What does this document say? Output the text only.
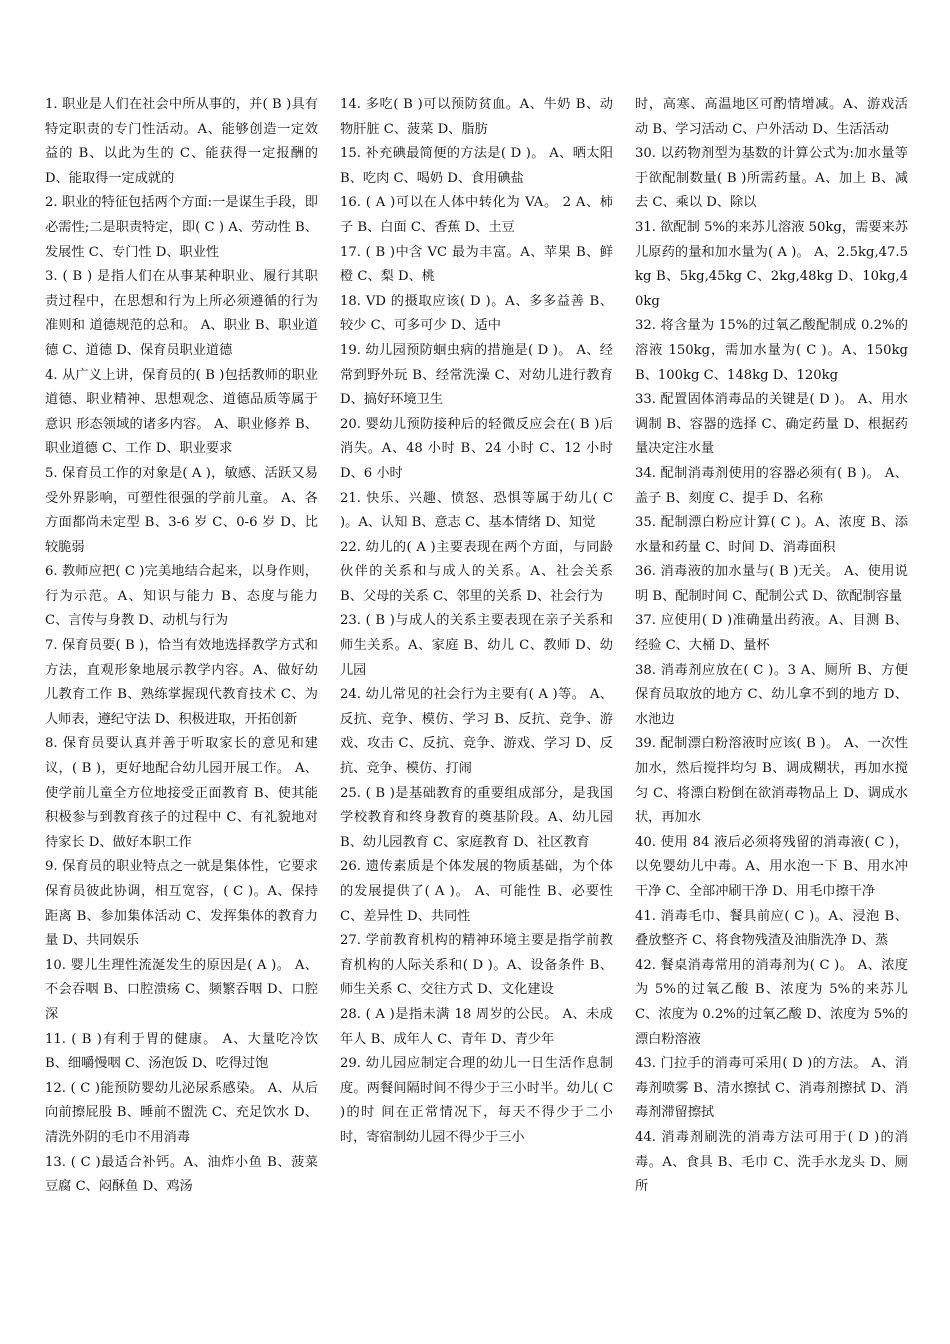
1. 职业是人们在社会中所从事的，并( B )具有特定职责的专门性活动。A、能够创造一定效益的 B、以此为生的 C、能获得一定报酬的 D、能取得一定成就的

2. 职业的特征包括两个方面:一是谋生手段，即必需性;二是职责特定，即( C ) A、劳动性 B、发展性 C、专门性 D、职业性

3. ( B ) 是指人们在从事某种职业、履行其职责过程中，在思想和行为上所必须遵循的行为准则和 道德规范的总和。 A、职业 B、职业道德 C、道德 D、保育员职业道德

4. 从广义上讲，保育员的( B )包括教师的职业道德、职业精神、思想观念、道德品质等属于意识 形态领域的诸多内容。 A、职业修养 B、职业道德 C、工作 D、职业要求

5. 保育员工作的对象是( A )，敏感、活跃又易受外界影响，可塑性很强的学前儿童。 A、各方面都尚未定型 B、3-6 岁 C、0-6 岁 D、比较脆弱

6. 教师应把( C )完美地结合起来，以身作则，行为示范。A、知识与能力 B、态度与能力 C、言传与身教 D、动机与行为

7. 保育员要( B )，恰当有效地选择教学方式和方法，直观形象地展示教学内容。A、做好幼儿教育工作 B、熟练掌握现代教育技术 C、为人师表，遵纪守法 D、积极进取，开拓创新

8. 保育员要认真并善于听取家长的意见和建议，( B )，更好地配合幼儿园开展工作。 A、使学前儿童全方位地接受正面教育 B、使其能积极参与到教育孩子的过程中 C、有礼貌地对待家长 D、做好本职工作

9. 保育员的职业特点之一就是集体性，它要求保育员彼此协调，相互宽容，( C )。A、保持距离 B、参加集体活动 C、发挥集体的教育力量 D、共同娱乐

10. 婴儿生理性流涎发生的原因是( A )。 A、不会吞咽 B、口腔溃疡 C、频繁吞咽 D、口腔深

11. ( B )有利于胃的健康。 A、大量吃冷饮 B、细嚼慢咽 C、汤泡饭 D、吃得过饱

12. ( C )能预防婴幼儿泌尿系感染。 A、从后向前擦屁股 B、睡前不盥洗 C、充足饮水 D、清洗外阴的毛巾不用消毒

13. ( C )最适合补钙。A、油炸小鱼 B、菠菜豆腐 C、闷酥鱼 D、鸡汤

14. 多吃( B )可以预防贫血。A、牛奶 B、动物肝脏 C、菠菜 D、脂肪

15. 补充碘最简便的方法是( D )。 A、晒太阳 B、吃肉 C、喝奶 D、食用碘盐

16. ( A )可以在人体中转化为 VA。 2 A、柿子 B、白面 C、香蕉 D、土豆

17. ( B )中含 VC 最为丰富。A、苹果 B、鲜橙 C、梨 D、桃

18. VD 的摄取应该( D )。A、多多益善 B、较少 C、可多可少 D、适中

19. 幼儿园预防蛔虫病的措施是( D )。 A、经常到野外玩 B、经常洗澡 C、对幼儿进行教育 D、搞好环境卫生

20. 婴幼儿预防接种后的轻微反应会在( B )后消失。A、48 小时 B、24 小时 C、12 小时 D、6 小时

21. 快乐、兴趣、愤怒、恐惧等属于幼儿( C )。A、认知 B、意志 C、基本情绪 D、知觉

22. 幼儿的( A )主要表现在两个方面，与同龄伙伴的关系和与成人的关系。A、社会关系 B、父母的关系 C、邻里的关系 D、社会行为

23. ( B )与成人的关系主要表现在亲子关系和师生关系。A、家庭 B、幼儿 C、教师 D、幼儿园

24. 幼儿常见的社会行为主要有( A )等。 A、反抗、竞争、模仿、学习 B、反抗、竞争、游戏、攻击 C、反抗、竞争、游戏、学习 D、反抗、竞争、模仿、打闹

25. ( B )是基础教育的重要组成部分，是我国学校教育和终身教育的奠基阶段。A、幼儿园 B、幼儿园教育 C、家庭教育 D、社区教育

26. 遗传素质是个体发展的物质基础，为个体的发展提供了( A )。 A、可能性 B、必要性 C、差异性 D、共同性

27. 学前教育机构的精神环境主要是指学前教育机构的人际关系和( D )。A、设备条件 B、师生关系 C、交往方式 D、文化建设

28. ( A )是指未满 18 周岁的公民。 A、未成年人 B、成年人 C、青年 D、青少年

29. 幼儿园应制定合理的幼儿一日生活作息制度。两餐间隔时间不得少于三小时半。幼儿( C )的时 间在正常情况下，每天不得少于二小时，寄宿制幼儿园不得少于三小

时，高寒、高温地区可酌情增减。A、游戏活动 B、学习活动 C、户外活动 D、生活活动

30. 以药物剂型为基数的计算公式为:加水量等于欲配制数量( B )所需药量。A、加上 B、减去 C、乘以 D、除以

31. 欲配制 5%的来苏儿溶液 50kg，需要来苏儿原药的量和加水量为( A )。 A、2.5kg,47.5kg B、5kg,45kg C、2kg,48kg D、10kg,40kg

32. 将含量为 15%的过氧乙酸配制成 0.2%的溶液 150kg，需加水量为( C )。A、150kg B、100kg C、148kg D、120kg

33. 配置固体消毒品的关键是( D )。 A、用水调制 B、容器的选择 C、确定药量 D、根据药量决定注水量

34. 配制消毒剂使用的容器必须有( B )。 A、盖子 B、刻度 C、提手 D、名称

35. 配制漂白粉应计算( C )。A、浓度 B、添水量和药量 C、时间 D、消毒面积

36. 消毒液的加水量与( B )无关。 A、使用说明 B、配制时间 C、配制公式 D、欲配制容量

37. 应使用( D )准确量出药液。A、目测 B、经验 C、大桶 D、量杯

38. 消毒剂应放在( C )。3 A、厕所 B、方便保育员取放的地方 C、幼儿拿不到的地方 D、水池边

39. 配制漂白粉溶液时应该( B )。 A、一次性加水，然后搅拌均匀 B、调成糊状，再加水搅匀 C、将漂白粉倒在欲消毒物品上 D、调成水状，再加水

40. 使用 84 液后必须将残留的消毒液( C )，以免婴幼儿中毒。A、用水泡一下 B、用水冲干净 C、全部冲刷干净 D、用毛巾擦干净

41. 消毒毛巾、餐具前应( C )。A、浸泡 B、叠放整齐 C、将食物残渣及油脂洗净 D、蒸

42. 餐桌消毒常用的消毒剂为( C )。 A、浓度为 5%的过氧乙酸 B、浓度为 5%的来苏儿 C、浓度为 0.2%的过氧乙酸 D、浓度为 5%的漂白粉溶液

43. 门拉手的消毒可采用( D )的方法。 A、消毒剂喷雾 B、清水擦拭 C、消毒剂擦拭 D、消毒剂滞留擦拭

44. 消毒剂刷洗的消毒方法可用于( D )的消毒。A、食具 B、毛巾 C、洗手水龙头 D、厕所
